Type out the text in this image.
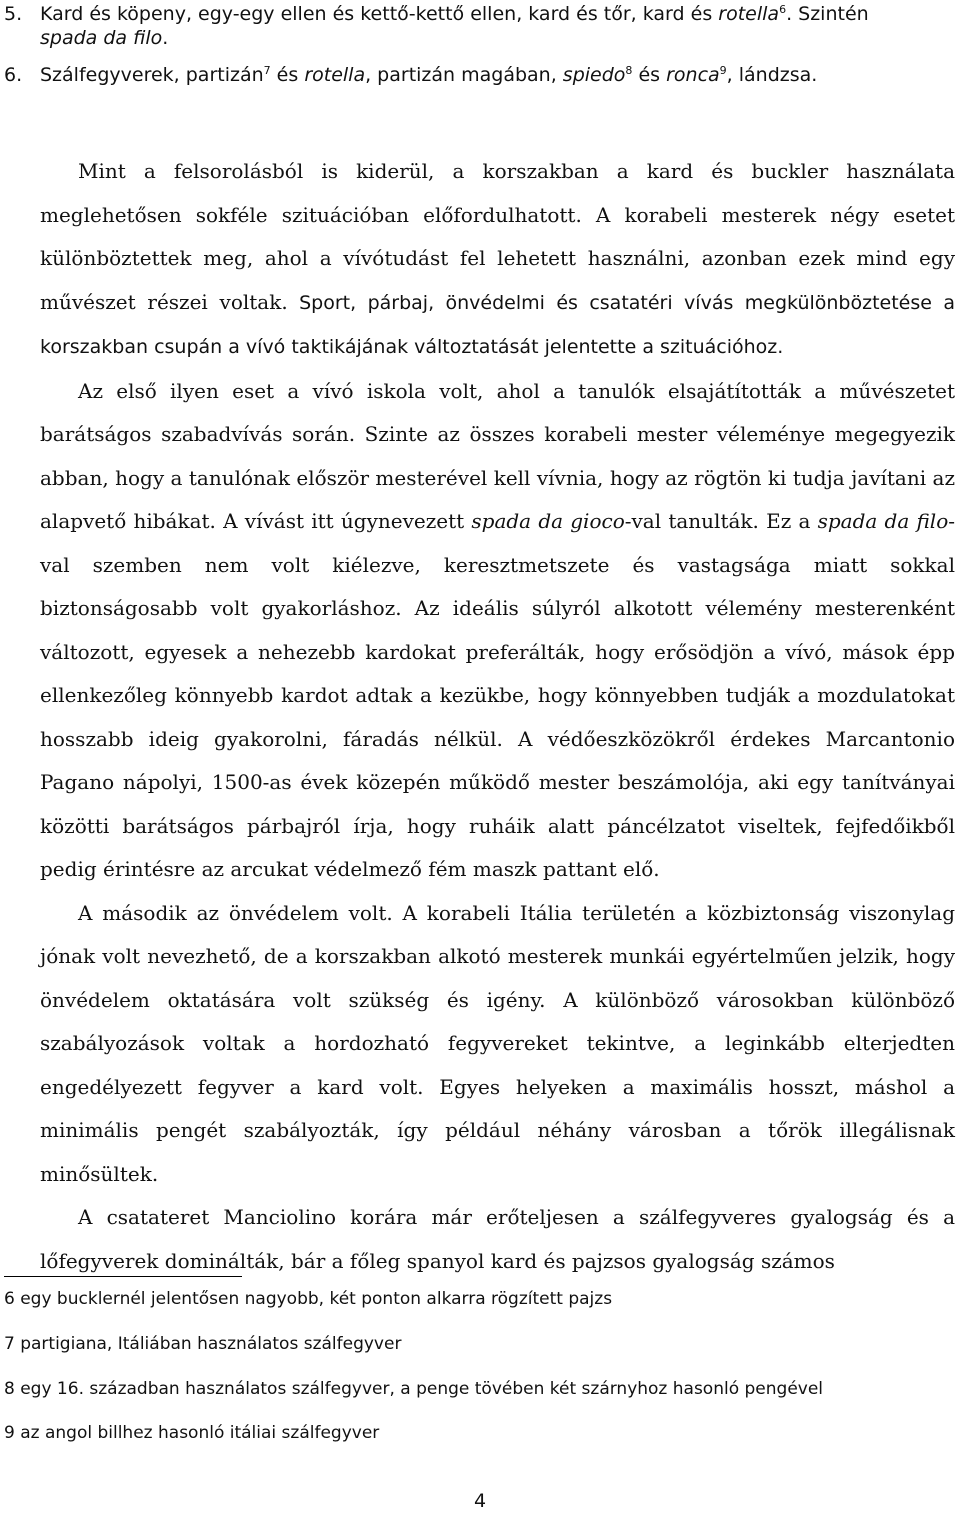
5. Kard és köpeny, egy-egy ellen és kettő-kettő ellen, kard és tőr, kard és rotella$^6$. Szintén
spada da filo.

6. Szálfegyverek, partizán$^7$ és rotella, partizán magában, spiedo$^8$ és ronca$^9$, lándzsa.

Mint a felsorolásból is kiderül, a korszakban a kard és buckler használata meglehetősen sokféle szituációban előfordulhatott. A korabeli mesterek négy esetet különböztettek meg, ahol a vívótudást fel lehetett használni, azonban ezek mind egy művészet részei voltak. Sport, párbaj, önvédelmi és csatatéri vívás megkülönböztetése a korszakban csupán a vívó taktikájának változtatását jelentette a szituációhoz.

Az első ilyen eset a vívó iskola volt, ahol a tanulók elsajátították a művészetet barátságos szabadvívás során. Szinte az összes korabeli mester véleménye megegyezik abban, hogy a tanulónak először mesterével kell vívnia, hogy az rögtön ki tudja javítani az alapvető hibákat. A vívást itt úgynevezett spada da gioco-val tanulták. Ez a spada da filo-val szemben nem volt kiélezve, keresztmetszete és vastagsága miatt sokkal biztonságosabb volt gyakorláshoz. Az ideális súlyról alkotott vélemény mesterenként változott, egyesek a nehezebb kardokat preferálták, hogy erősödjön a vívó, mások épp ellenkezőleg könnyebb kardot adtak a kezükbe, hogy könnyebben tudják a mozdulatokat hosszabb ideig gyakorolni, fáradás nélkül. A védőeszközökről érdekes Marcantonio Pagano nápolyi, 1500-as évek közepén működő mester beszámolója, aki egy tanítványai közötti barátságos párbajról írja, hogy ruháik alatt páncélzatot viseltek, fejfedőikből pedig érintésre az arcukat védelmező fém maszk pattant elő.

A második az önvédelem volt. A korabeli Itália területén a közbiztonság viszonylag jónak volt nevezhető, de a korszakban alkotó mesterek munkái egyértelműen jelzik, hogy önvédelem oktatására volt szükség és igény. A különböző városokban különböző szabályozások voltak a hordozható fegyvereket tekintve, a leginkább elterjedten engedélyezett fegyver a kard volt. Egyes helyeken a maximális hosszt, máshol a minimális pengét szabályozták, így például néhány városban a tőrök illegálisnak minősültek.

A csatateret Manciolino korára már erőteljesen a szálfegyveres gyalogság és a lőfegyverek dominálták, bár a főleg spanyol kard és pajzsos gyalogság számos

6 egy bucklernél jelentősen nagyobb, két ponton alkarra rögzített pajzs
7 partigiana, Itáliában használatos szálfegyver
8 egy 16. században használatos szálfegyver, a penge tövében két szárnyhoz hasonló pengével
9 az angol billhez hasonló itáliai szálfegyver
4
